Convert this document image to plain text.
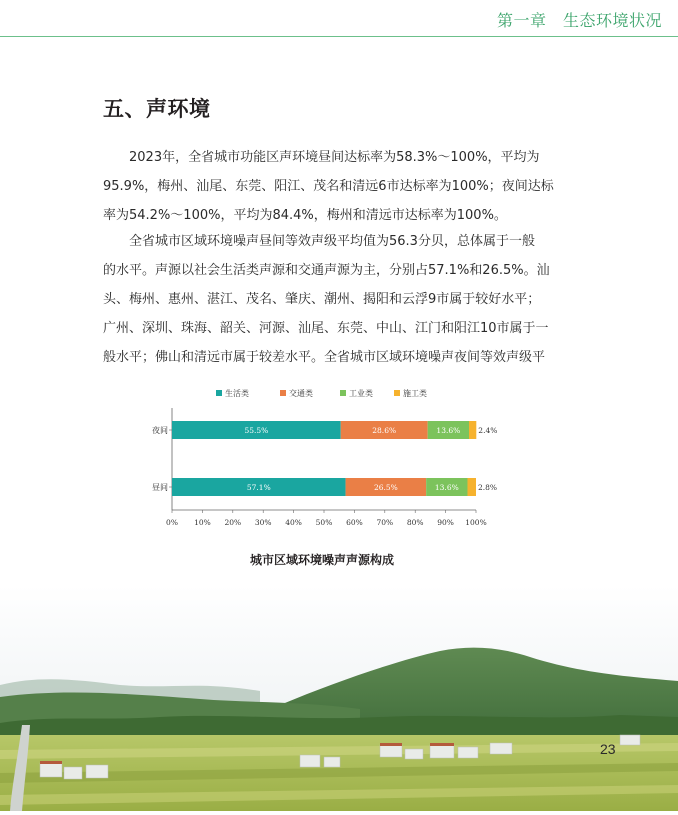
第一章　生态环境状况
五、声环境
　　2023年，全省城市功能区声环境昼间达标率为58.3%～100%，平均为
95.9%，梅州、汕尾、东莞、阳江、茂名和清远6市达标率为100%；夜间达标
率为54.2%～100%，平均为84.4%，梅州和清远市达标率为100%。
　　全省城市区域环境噪声昼间等效声级平均值为56.3分贝，总体属于一般
的水平。声源以社会生活类声源和交通声源为主，分别占57.1%和26.5%。汕
头、梅州、惠州、湛江、茂名、肇庆、潮州、揭阳和云浮9市属于较好水平；
广州、深圳、珠海、韶关、河源、汕尾、东莞、中山、江门和阳江10市属于一
般水平；佛山和清远市属于较差水平。全省城市区域环境噪声夜间等效声级平
生活类	交通类	工业类	施工类
0% 10% 20% 30% 40% 50% 60% 70% 80% 90% 100%
夜间	55.5%	28.6%	13.6% 2.4%
昼间	57.1%	26.5%	13.6%	2.8%
城市区域环境噪声声源构成
23
